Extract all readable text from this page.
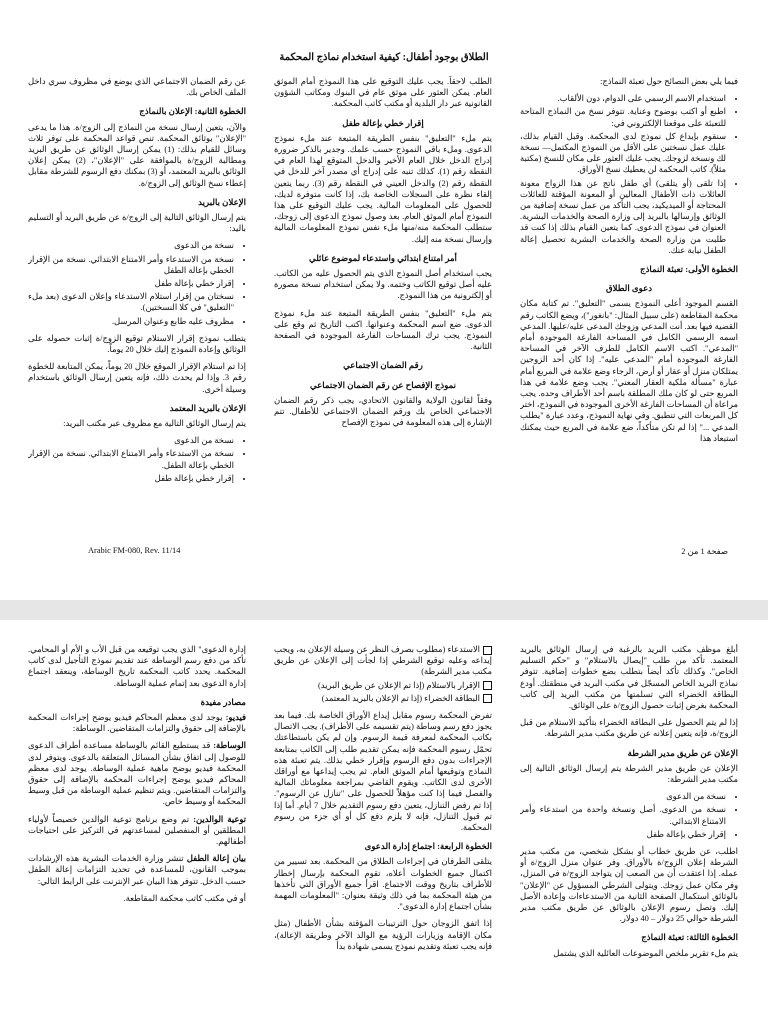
الطلاق بوجود أطفال: كيفية استخدام نماذج المحكمة

فيما يلي بعض النصائح حول تعبئة النماذج:

• استخدام الاسم الرسمي على الدوام، دون الألقاب.
• اطبع أو اكتب بوضوح وعناية. تتوفر نسخ من النماذج المتاحة للتعبئة على موقعنا الإلكتروني في:
• سنقوم بإيداع كل نموذج لدى المحكمة. وقبل القيام بذلك، عليك عمل نسختين على الأقل من النموذج المكتمل— نسخة لك ونسخة لزوجك. يجب عليك العثور على مكان للنسخ (مكتبة مثلاً). كاتب المحكمة لن يعطيك نسخ الأوراق.
• إذا تلقى (أو يتلقى) أي طفل ناتج عن هذا الزواج معونة العائلات ذات الأطفال المعالين أو المعونة المؤقتة للعائلات المحتاجة أو الميديكيد، يجب التأكد من عمل نسخة إضافية من الوثائق وإرسالها بالبريد إلى وزارة الصحة والخدمات البشرية. العنوان في نموذج الدعوى. كما يتعين القيام بذلك إذا كنت قد طلبت من وزارة الصحة والخدمات البشرية تحصيل إعالة الطفل نيابة عنك.
الخطوة الأولى: تعبئة النماذج
دعوى الطلاق

القسم الموجود أعلى النموذج يسمى "التعليق". تم كتابة مكان محكمة المقاطعة (على سبيل المثال: "بانغور")، ويضع الكاتب رقم القضية فيها بعد. أنت المدعي وزوجك المدعى عليه/عليها. المدعي اسمه الرسمي الكامل في المساحة الفارغة الموجودة أمام "المدعي". اكتب الاسم الكامل للطرف الآخر في المساحة الفارغة الموجودة أمام "المدعى عليه". إذا كان أحد الزوجين يمتلكان منزل أو عقار أو أرض، الرجاء وضع علامة في المربع أمام عبارة "مسألة ملكية العقار المعني". يجب وضع علامة في هذا المربع حتى لو كان ملك المطلقة باسم أحد الأطراف وحده. يجب مراعاة أن المساحات الفارغة الأخرى الموجودة في النموذج، اختر كل المربعات التي تنطبق. وفي نهاية النموذج، وعدد عبارة "يطلب المدعي ..." إذا لم تكن متأكداً، ضع علامة في المربع حيث يمكنك استبعاد هذا

الطلب لاحقاً. يجب عليك التوقيع على هذا النموذج أمام الموثق العام. يمكن العثور على موثق عام في البنوك ومكاتب الشؤون القانونية عبر دار البلدية أو مكتب كاتب المحكمة.

إقرار خطي بإعالة طفل

يتم ملء "التعليق" بنفس الطريقة المتبعة عند ملء نموذج الدعوى. وملء باقي النموذج حسب علمك. وجدير بالذكر ضرورة إدراج الدخل خلال العام الأخير والدخل المتوقع لهذا العام في النقطة رقم (1). كذلك تنبه على إدراج أي مصدر آخر للدخل في النقطة رقم (2) والدخل العيني في النقطة رقم (3). ربما يتعين إلقاء نظرة على السجلات الخاصة بك، إذا كانت متوفرة لديك، للحصول على المعلومات المالية. يجب عليك التوقيع على هذا النموذج أمام الموثق العام. بعد وصول نموذج الدعوى إلى زوجك، ستطلب المحكمة منه/منها ملء نفس نموذج المعلومات المالية وإرسال نسخة منه إليك.

أمر امتناع ابتدائي واستدعاء لموضوع عائلي

يجب استخدام أصل النموذج الذي يتم الحصول عليه من الكاتب. عليه أصل توقيع الكاتب وختمه. ولا يمكن استخدام نسخة مصورة أو إلكترونية من هذا النموذج.

يتم ملء "التعليق" بنفس الطريقة المتبعة عند ملء نموذج الدعوى. ضع اسم المحكمة وعنوانها. اكتب التاريخ ثم وقع على النموذج. يجب ترك المساحات الفارغة الموجودة في الصفحة الثانية.

رقم الضمان الاجتماعي
نموذج الإفصاح عن رقم الضمان الاجتماعي

وفقاً لقانون الولاية والقانون الاتحادي، يجب ذكر رقم الضمان الاجتماعي الخاص بك ورقم الضمان الاجتماعي للأطفال. تتم الإشارة إلى هذه المعلومة في نموذج الإفصاح

عن رقم الضمان الاجتماعي الذي يوضع في مظروف سري داخل الملف الخاص بك.

الخطوة الثانية: الإعلان بالنماذج

والآن، يتعين إرسال نسخة من النماذج إلى الزوج/ة. هذا ما يدعى "الإعلان" بوثائق المحكمة. تنص قواعد المحكمة على توفر ثلاث وسائل للقيام بذلك: (1) يمكن إرسال الوثائق عن طريق البريد ومطالبة الزوج/ة بالموافقة على "الإعلان"، (2) يمكن إعلان الوثائق بالبريد المعتمد، أو (3) بمكنك دفع الرسوم للشرطة مقابل إعطاء نسخ الوثائق إلى الزوج/ة.

الإعلان بالبريد

يتم إرسال الوثائق التالية إلى الزوج/ة عن طريق البريد أو التسليم باليد:

• نسخة من الدعوى
• نسخة من الاستدعاء وأمر الامتناع الابتدائي. نسخة من الإقرار الخطي بإعالة الطفل
• إقرار خطي بإعالة طفل
• نسختان من إقرار استلام الاستدعاء وإعلان الدعوى (بعد ملء "التعليق" في كلا النسختين).
• مظروف عليه طابع وعنوان المرسل.

يتطلب نموذج إقرار الاستلام توقيع الزوج/ة إثبات حصوله على الوثائق وإعادة النموذج إليك خلال 20 يوماً.

إذا تم استلام الإقرار الموقع خلال 20 يوماً، يمكن المتابعة للخطوة رقم 3. وإذا لم يحدث ذلك، فإنه يتعين إرسال الوثائق باستخدام وسيلة أخرى.

الإعلان بالبريد المعتمد

يتم إرسال الوثائق التالية مع مظروف عبر مكتب البريد:

• نسخة من الدعوى
• نسخة من الاستدعاء وأمر الامتناع الابتدائي. نسخة من الإقرار الخطي بإعالة الطفل.
• إقرار خطي بإعالة طفل
Arabic FM-080, Rev. 11/14	صفحة 1 من 2

أبلغ موظف مكتب البريد بالرغبة في إرسال الوثائق بالبريد المعتمد. تأكد من طلب "إيصال بالاستلام" و "حكم التسليم الخاص". وكذلك تأكد أيضاً بتطلب بضع خطوات إضافية. تتوفر نماذج البريد الخاص المسجّل في مكتب البريد في منطقتك. أودع البطاقة الخضراء التي تسلمتها من مكتب البريد إلى كاتب المحكمة بغرض إثبات حصول الزوج/ة على الوثائق.

إذا لم يتم الحصول على البطاقة الخضراء بتأكيد الاستلام من قبل الزوج/ة، فإنه يتعين إعلانه عن طريق مكتب مدير الشرطة.

الإعلان عن طريق مدير الشرطة

الإعلان عن طريق مدير الشرطة يتم إرسال الوثائق التالية إلى مكتب مدير الشرطة:

• نسخة من الدعوى
• نسخة من الدعوى. أصل ونسخة واحدة من استدعاء وأمر الامتناع الابتدائي.
• إقرار خطي بإعالة طفل

اطلب، عن طريق خطاب أو بشكل شخصي، من مكتب مدير الشرطة إعلان الزوج/ة بالأوراق. وفر عنوان منزل الزوج/ة أو عمله. إذا اعتقدت أن من الصعب إن يتواجد الزوج/ة في المنزل، وفر مكان عمل زوجك. ويتولى الشرطي المسؤول عن "الإعلان" بالوثائق استكمال الصفحة الثانية من الاستدعاءات وإعادة الأصل إليك. وتصل رسوم الإعلان بالوثائق عن طريق مكتب مدير الشرطة حوالي 25 دولار – 40 دولار.

الخطوة الثالثة: تعبئة النماذج

يتم ملء تقرير ملخص الموضوعات العائلية الذي يشتمل

الاستدعاء (مطلوب بصرف النظر عن وسيلة الإعلان به، ويجب إيداعه وعليه توقيع الشرطي إذا لجأت إلى الإعلان عن طريق مكتب مدير الشرطة)
الإقرار بالاستلام (إذا تم الإعلان عن طريق البريد)
البطاقة الخضراء (إذا تم الإعلان بالبريد المعتمد)

تفرض المحكمة رسوم مقابل إيداع الأوراق الخاصة بك. فيما بعد يجوز دفع رسم وساطة (يتم تقسيمه على الأطراف). يجب الاتصال بكاتب المحكمة لمعرفة قيمة الرسوم. وإن لم يكن باستطاعتك تحمّل رسوم المحكمة فإنه يمكن تقديم طلب إلى الكاتب بمتابعة الإجراءات بدون دفع الرسوم وإقرار خطي بذلك. يتم تعبئة هذه النماذج وتوقيعها أمام الموثق العام. ثم يجب إيداعها مع أوراقك الأخرى لدى الكاتب. ويقوم القاضي بمراجعة معلوماتك المالية والفصل فيما إذا كنت مؤهلاً للحصول على "تنازل عن الرسوم". إذا تم رفض التنازل، يتعين دفع رسوم التقديم خلال 7 أيام. أما إذا تم قبول التنازل، فإنه لا يلزم دفع كل أو أي جزء من رسوم المحكمة.

الخطوة الرابعة: اجتماع إدارة الدعوى

يتلقى الطرفان في إجراءات الطلاق من المحكمة. بعد تسيير من اكتمال جميع الخطوات أعلاه، تقوم المحكمة بإرسال إخطار للأطراف بتاريخ ووقت الاجتماع. اقرأ جميع الأوراق التي تأخذها من هيئة المحكمة بما في ذلك وثيقة بعنوان: "المعلومات المهمة بشأن اجتماع إدارة الدعوى".

إذا اتفق الزوجان حول الترتيبات المؤقتة بشأن الأطفال (مثل مكان الإقامة وزيارات الرؤية مع الوالد الآخر وطريقة الإعالة)، فإنه يجب تعبئة وتقديم نموذج يسمى شهادة بدأ

إدارة الدعوى" الذي يجب توقيعه من قبل الأب و الأم أو المحامي. تأكد من دفع رسم الوساطة عند تقديم نموذج التأجيل لدى كاتب المحكمة. يحدد كاتب المحكمة تاريخ الوساطة، وينعقد اجتماع إدارة الدعوى بعد إتمام عملية الوساطة.

مصادر مفيدة

فيديو: يوجد لدى معظم المحاكم فيديو يوضح إجراءات المحكمة بالإضافة إلى حقوق والتزامات المتقاضين. الوساطة:

الوساطة: قد يستطيع القائم بالوساطة مساعدة أطراف الدعوى للوصول إلى اتفاق بشأن المسائل المتعلقة بالدعوى. ويتوفر لدى المحكمة فيديو يوضح ماهية عملية الوساطة. يوجد لدى معظم المحاكم فيديو يوضح إجراءات المحكمة بالإضافة إلى حقوق والتزامات المتقاضين. ويتم تنظيم عملية الوساطة من قبل وسيط المحكمة أو وسيط خاص.

توعية الوالدين: تم وضع برنامج توعية الوالدين خصيصاً لأولياء المطلقين أو المنفصلين لمساعدتهم في التركيز على احتياجات أطفالهم.

بيان إعالة الطفل تنشر وزارة الخدمات البشرية هذه الإرشادات بموجب القانون، للمساعدة في تحديد التزامات إعالة الطفل حسب الدخل. تتوفر هذا البيان عبر الإنترنت على الرابط التالي:

أو في مكتب كاتب محكمة المقاطعة.
